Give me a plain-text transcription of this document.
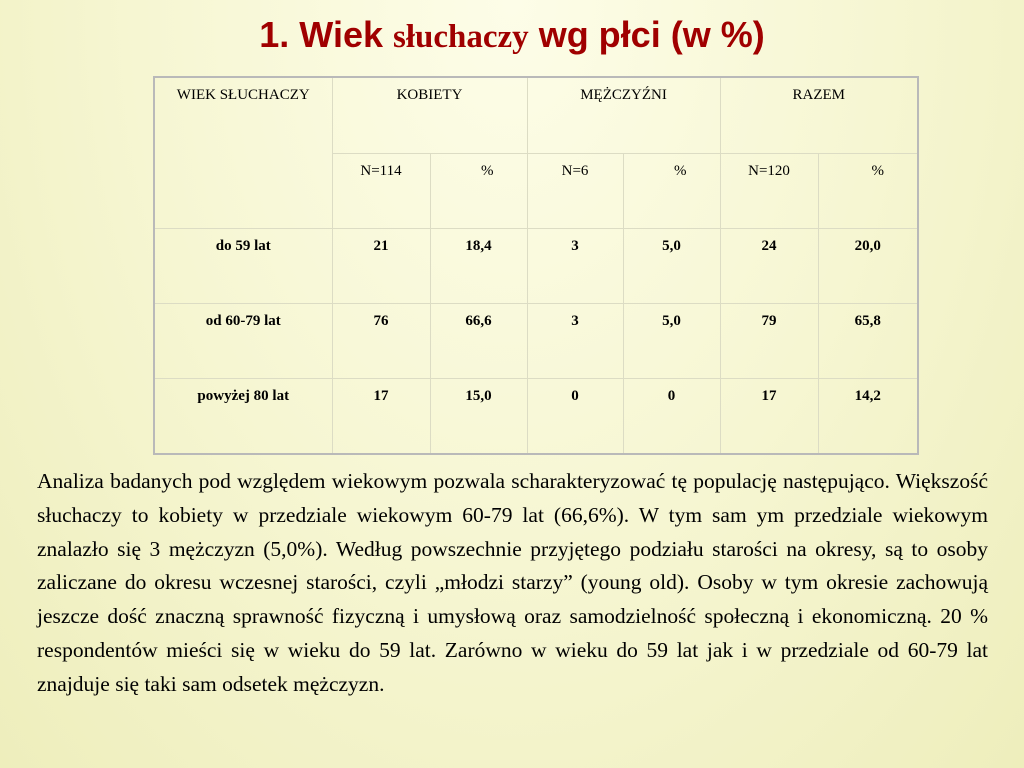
1. Wiek słuchaczy wg płci (w %)
WIEK SŁUCHACZY	KOBIETY		MĘŻCZYŹNI		RAZEM	
	N=114	%	N=6	%	N=120	%
do 59 lat	21	18,4	3	5,0	24	20,0
od 60-79 lat	76	66,6	3	5,0	79	65,8
powyżej 80 lat	17	15,0	0	0	17	14,2

Analiza badanych pod względem wiekowym pozwala scharakteryzować tę populację następująco. Większość słuchaczy to kobiety w przedziale wiekowym 60-79 lat (66,6%). W tym sam ym przedziale wiekowym znalazło się 3 mężczyzn (5,0%). Według powszechnie przyjętego podziału starości na okresy, są to osoby zaliczane do okresu wczesnej starości, czyli „młodzi starzy” (young old). Osoby w tym okresie zachowują jeszcze dość znaczną sprawność fizyczną i umysłową oraz samodzielność społeczną i ekonomiczną. 20 % respondentów mieści się w wieku do 59 lat. Zarówno w wieku do 59 lat jak i w przedziale od 60-79 lat znajduje się taki sam odsetek mężczyzn.
